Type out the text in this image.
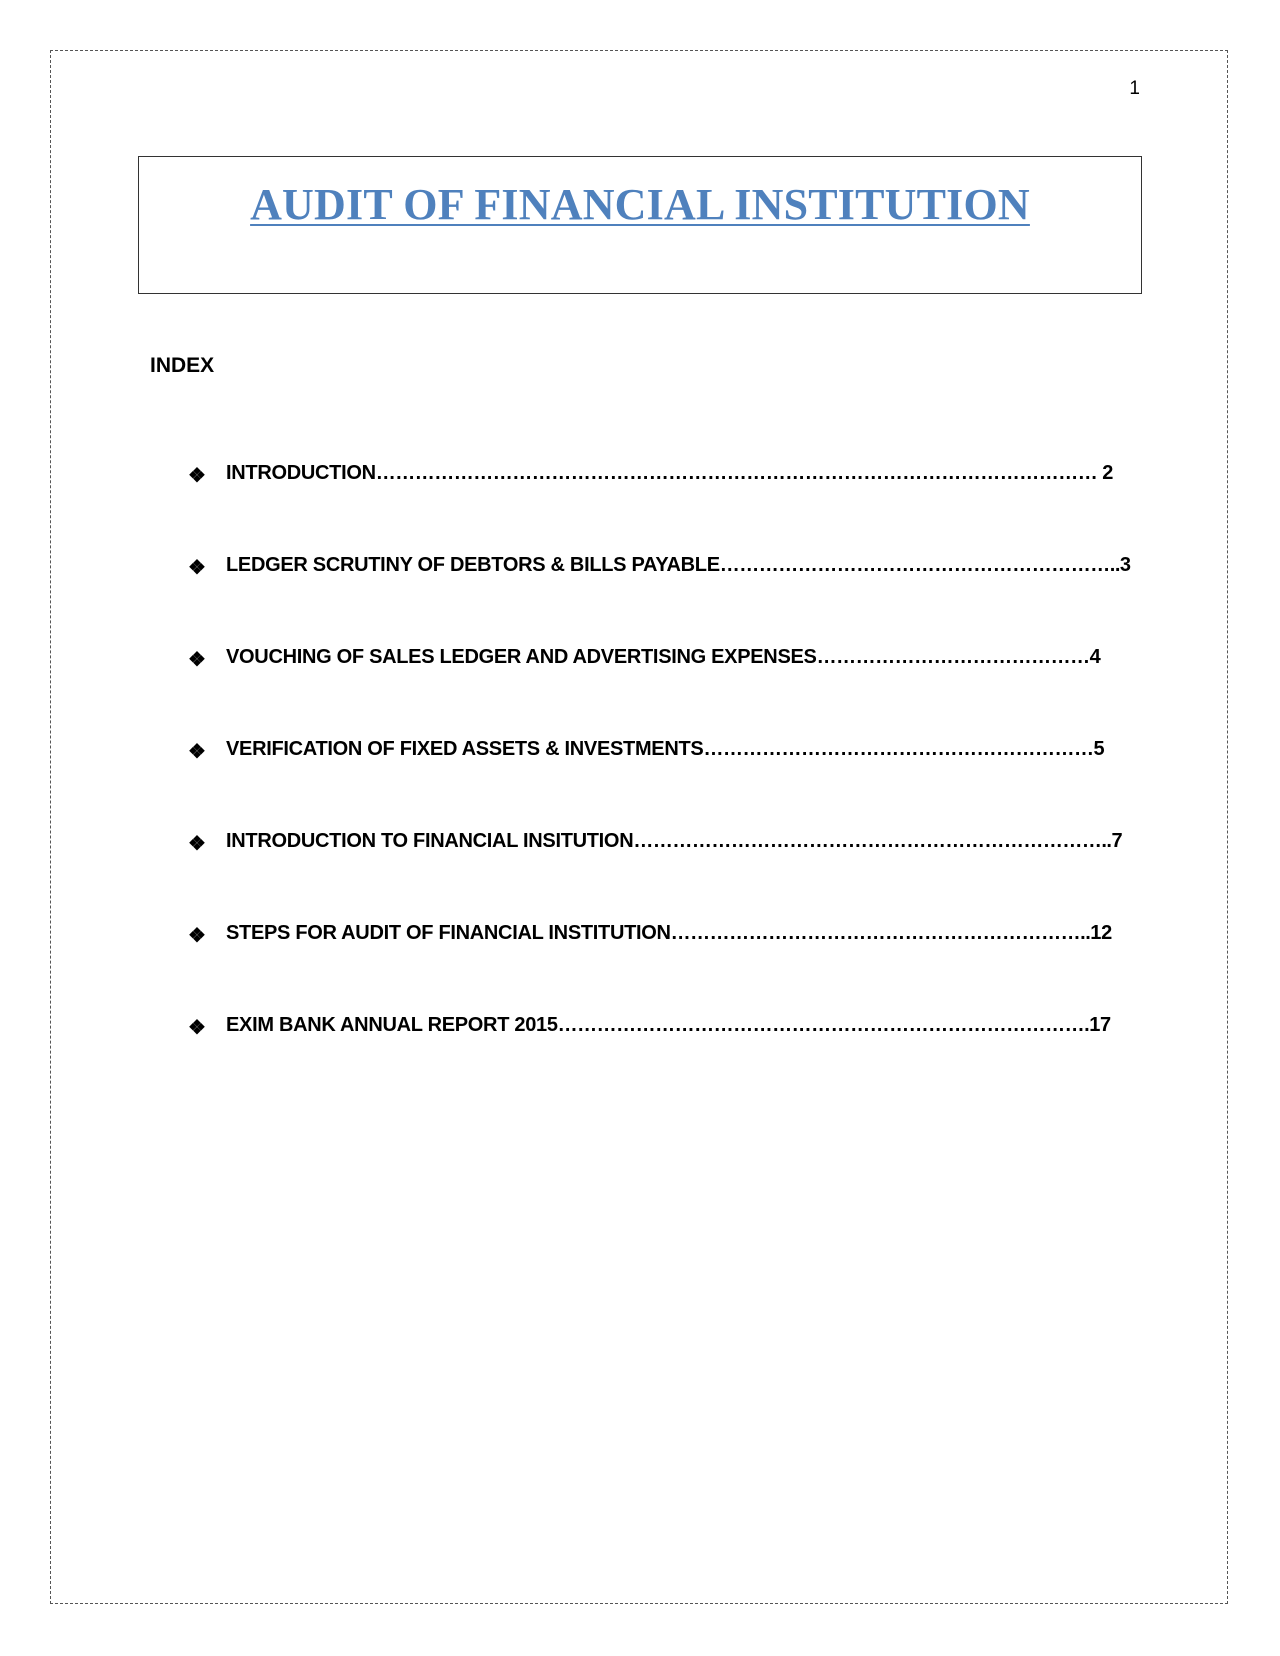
1
AUDIT OF FINANCIAL INSTITUTION
INDEX
❖	INTRODUCTION………………………………………………………………………………………………… 2
❖	LEDGER SCRUTINY OF DEBTORS & BILLS PAYABLE……………………………………………………..3
❖	VOUCHING OF SALES LEDGER AND ADVERTISING EXPENSES……………………………………4
❖	VERIFICATION OF FIXED ASSETS & INVESTMENTS……………………………………………………5
❖	INTRODUCTION TO FINANCIAL INSITUTION………………………………………………………………..7
❖	STEPS FOR AUDIT OF FINANCIAL INSTITUTION………………………………………………………..12
❖	EXIM BANK ANNUAL REPORT 2015……………………………………………………………………….17
